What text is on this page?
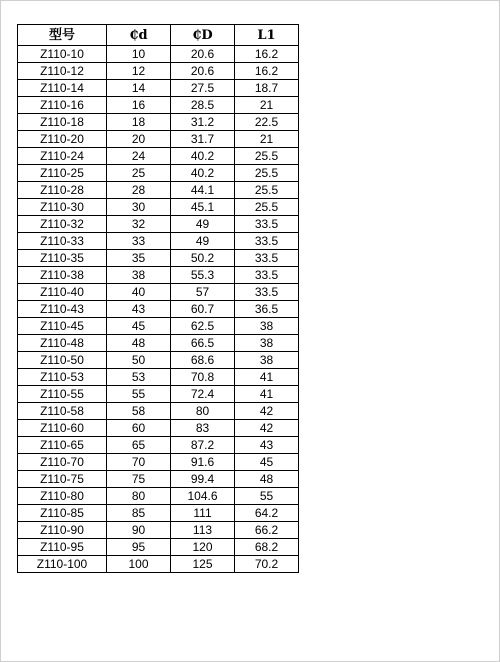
型号	₵d	₵D	L1
Z110-10	10	20.6	16.2
Z110-12	12	20.6	16.2
Z110-14	14	27.5	18.7
Z110-16	16	28.5	21
Z110-18	18	31.2	22.5
Z110-20	20	31.7	21
Z110-24	24	40.2	25.5
Z110-25	25	40.2	25.5
Z110-28	28	44.1	25.5
Z110-30	30	45.1	25.5
Z110-32	32	49	33.5
Z110-33	33	49	33.5
Z110-35	35	50.2	33.5
Z110-38	38	55.3	33.5
Z110-40	40	57	33.5
Z110-43	43	60.7	36.5
Z110-45	45	62.5	38
Z110-48	48	66.5	38
Z110-50	50	68.6	38
Z110-53	53	70.8	41
Z110-55	55	72.4	41
Z110-58	58	80	42
Z110-60	60	83	42
Z110-65	65	87.2	43
Z110-70	70	91.6	45
Z110-75	75	99.4	48
Z110-80	80	104.6	55
Z110-85	85	111	64.2
Z110-90	90	113	66.2
Z110-95	95	120	68.2
Z110-100	100	125	70.2
